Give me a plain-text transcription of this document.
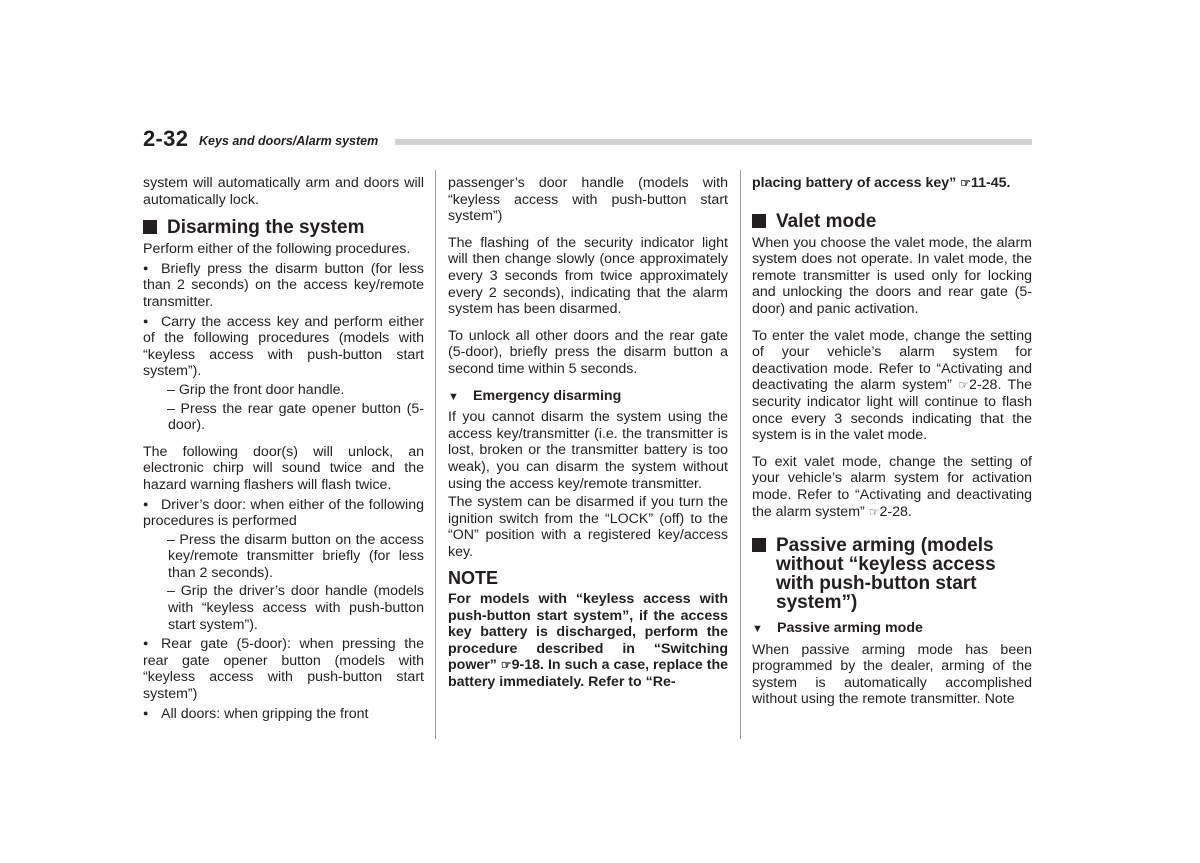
2-32 Keys and doors/Alarm system

system will automatically arm and doors will automatically lock.

Disarming the system

Perform either of the following procedures.

● Briefly press the disarm button (for less than 2 seconds) on the access key/remote transmitter.
● Carry the access key and perform either of the following procedures (models with “keyless access with push-button start system”).
– Grip the front door handle.
– Press the rear gate opener button (5-door).

The following door(s) will unlock, an electronic chirp will sound twice and the hazard warning flashers will flash twice.

● Driver’s door: when either of the following procedures is performed
– Press the disarm button on the access key/remote transmitter briefly (for less than 2 seconds).
– Grip the driver’s door handle (models with “keyless access with push-button start system”).
● Rear gate (5-door): when pressing the rear gate opener button (models with “keyless access with push-button start system”)
● All doors: when gripping the front

passenger’s door handle (models with “keyless access with push-button start system”)

The flashing of the security indicator light will then change slowly (once approximately every 3 seconds from twice approximately every 2 seconds), indicating that the alarm system has been disarmed.

To unlock all other doors and the rear gate (5-door), briefly press the disarm button a second time within 5 seconds.

▼ Emergency disarming

If you cannot disarm the system using the access key/transmitter (i.e. the transmitter is lost, broken or the transmitter battery is too weak), you can disarm the system without using the access key/remote transmitter.

The system can be disarmed if you turn the ignition switch from the “LOCK” (off) to the “ON” position with a registered key/access key.

NOTE

For models with “keyless access with push-button start system”, if the access key battery is discharged, perform the procedure described in “Switching power” ☞9-18. In such a case, replace the battery immediately. Refer to “Re-

placing battery of access key” ☞11-45.

Valet mode

When you choose the valet mode, the alarm system does not operate. In valet mode, the remote transmitter is used only for locking and unlocking the doors and rear gate (5-door) and panic activation.

To enter the valet mode, change the setting of your vehicle’s alarm system for deactivation mode. Refer to “Activating and deactivating the alarm system” ☞2-28. The security indicator light will continue to flash once every 3 seconds indicating that the system is in the valet mode.

To exit valet mode, change the setting of your vehicle’s alarm system for activation mode. Refer to “Activating and deactivating the alarm system” ☞2-28.

Passive arming (models without “keyless access with push-button start system”)
▼ Passive arming mode

When passive arming mode has been programmed by the dealer, arming of the system is automatically accomplished without using the remote transmitter. Note
